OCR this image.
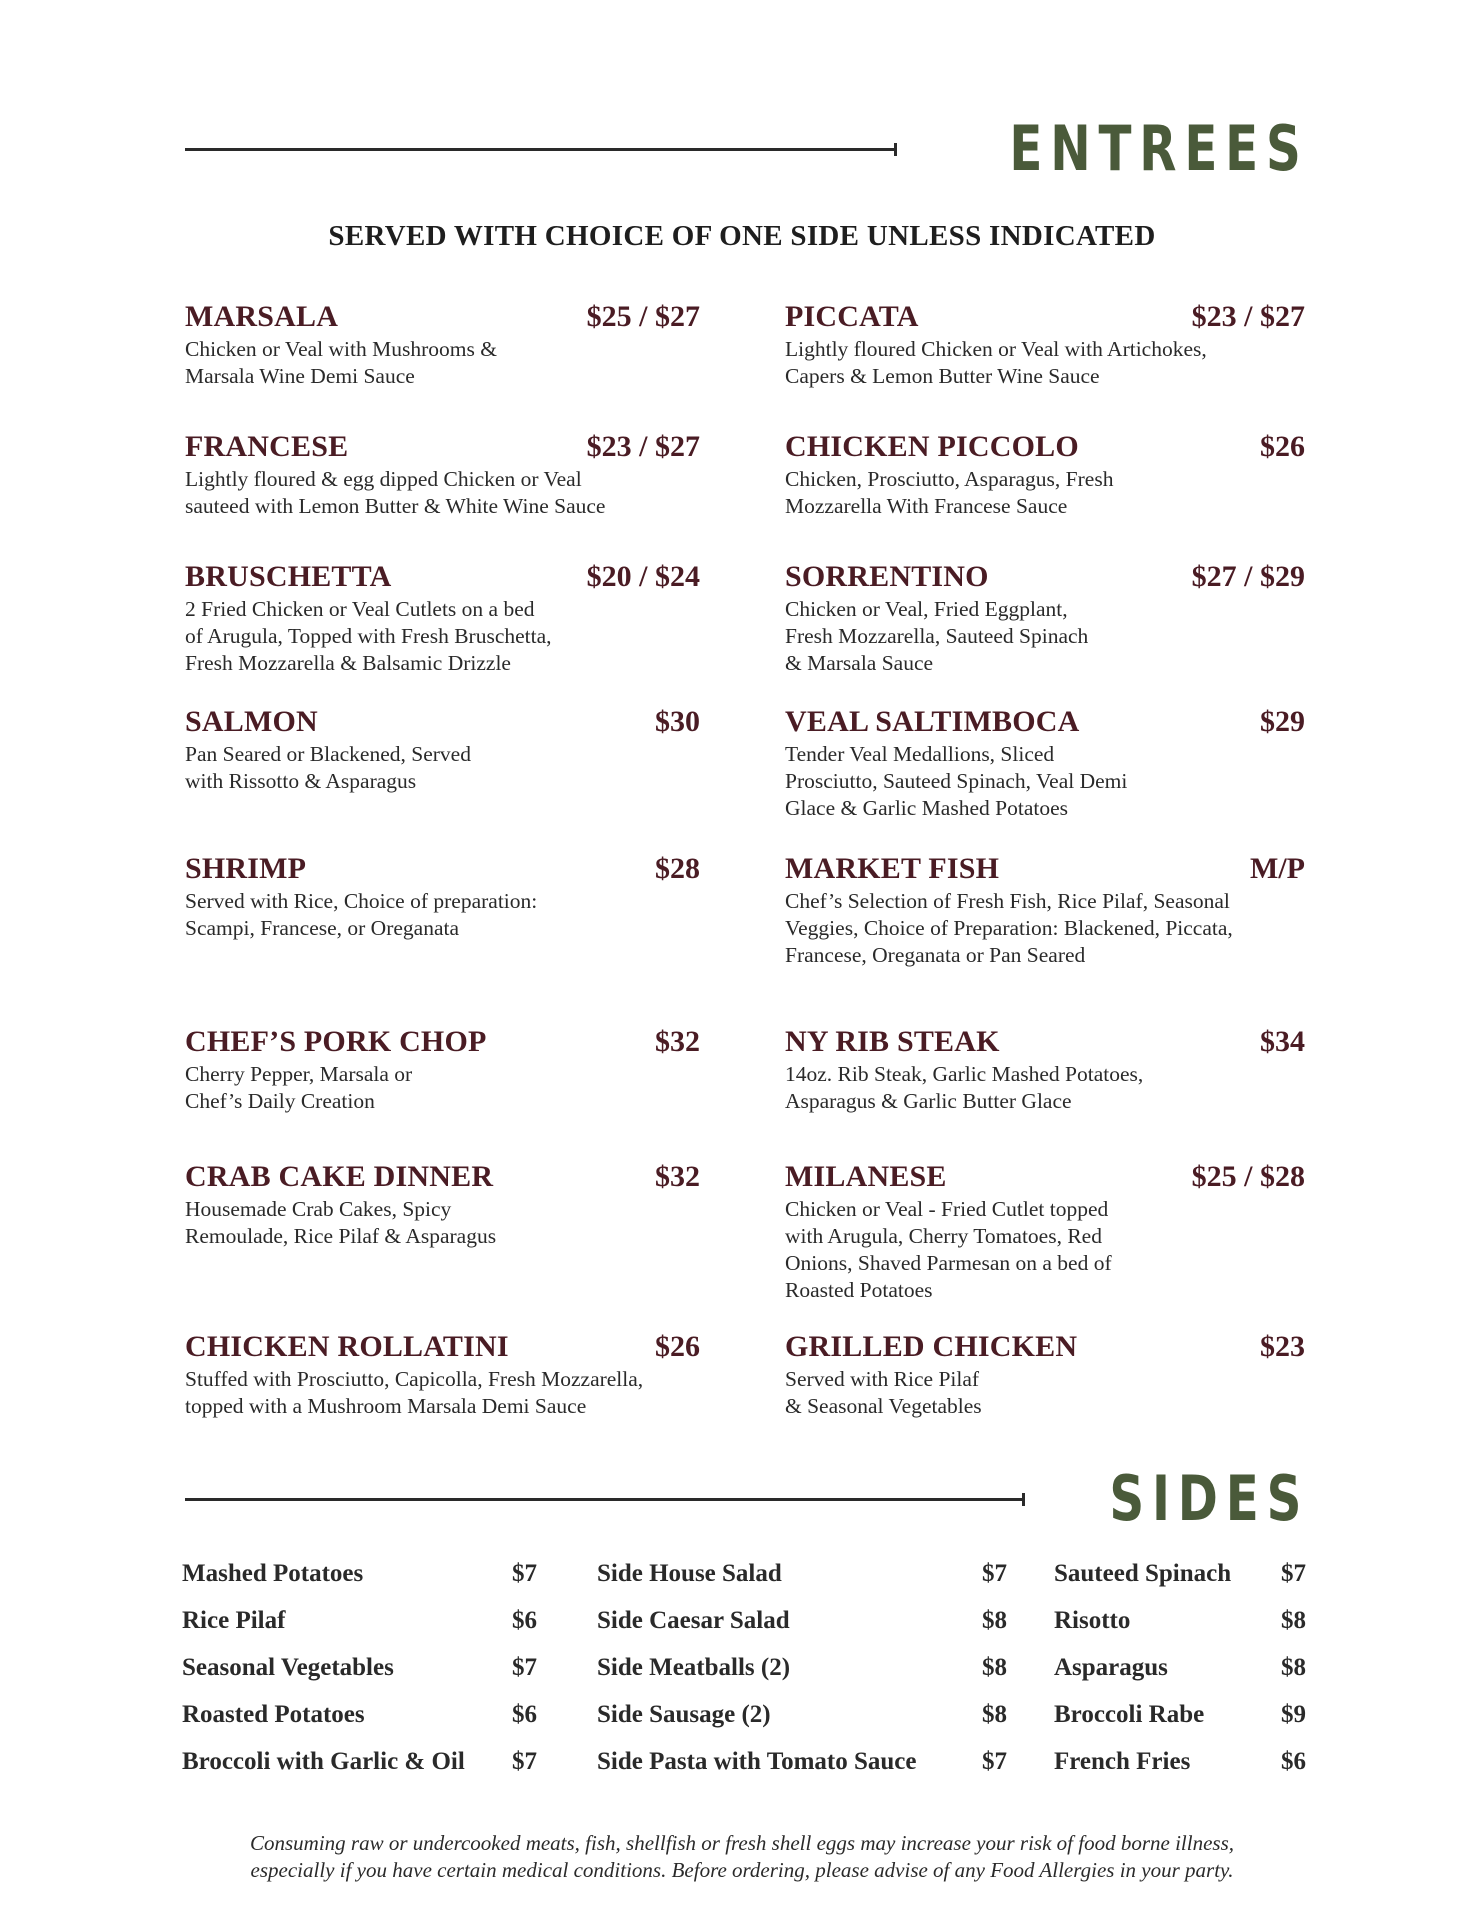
ENTREES
SERVED WITH CHOICE OF ONE SIDE UNLESS INDICATED
MARSALA	$25 / $27
Chicken or Veal with Mushrooms &
Marsala Wine Demi Sauce
FRANCESE	$23 / $27
Lightly floured & egg dipped Chicken or Veal
sauteed with Lemon Butter & White Wine Sauce
BRUSCHETTA	$20 / $24
2 Fried Chicken or Veal Cutlets on a bed
of Arugula, Topped with Fresh Bruschetta,
Fresh Mozzarella & Balsamic Drizzle
SALMON	$30
Pan Seared or Blackened, Served
with Rissotto & Asparagus
SHRIMP	$28
Served with Rice, Choice of preparation:
Scampi, Francese, or Oreganata
CHEF’S PORK CHOP	$32
Cherry Pepper, Marsala or
Chef’s Daily Creation
CRAB CAKE DINNER	$32
Housemade Crab Cakes, Spicy
Remoulade, Rice Pilaf & Asparagus
CHICKEN ROLLATINI	$26
Stuffed with Prosciutto, Capicolla, Fresh Mozzarella,
topped with a Mushroom Marsala Demi Sauce
PICCATA	$23 / $27
Lightly floured Chicken or Veal with Artichokes,
Capers & Lemon Butter Wine Sauce
CHICKEN PICCOLO	$26
Chicken, Prosciutto, Asparagus, Fresh
Mozzarella With Francese Sauce
SORRENTINO	$27 / $29
Chicken or Veal, Fried Eggplant,
Fresh Mozzarella, Sauteed Spinach
& Marsala Sauce
VEAL SALTIMBOCA	$29
Tender Veal Medallions, Sliced
Prosciutto, Sauteed Spinach, Veal Demi
Glace & Garlic Mashed Potatoes
MARKET FISH	M/P
Chef’s Selection of Fresh Fish, Rice Pilaf, Seasonal
Veggies, Choice of Preparation: Blackened, Piccata,
Francese, Oreganata or Pan Seared
NY RIB STEAK	$34
14oz. Rib Steak, Garlic Mashed Potatoes,
Asparagus & Garlic Butter Glace
MILANESE	$25 / $28
Chicken or Veal - Fried Cutlet topped
with Arugula, Cherry Tomatoes, Red
Onions, Shaved Parmesan on a bed of
Roasted Potatoes
GRILLED CHICKEN	$23
Served with Rice Pilaf
& Seasonal Vegetables
SIDES
Mashed Potatoes	$7
Rice Pilaf	$6
Seasonal Vegetables	$7
Roasted Potatoes	$6
Broccoli with Garlic & Oil $7
Side House Salad	$7
Side Caesar Salad	$8
Side Meatballs (2)	$8
Side Sausage (2)	$8
Side Pasta with Tomato Sauce	$7
Sauteed Spinach $7
Risotto	$8
Asparagus	$8
Broccoli Rabe	$9
French Fries	$6
Consuming raw or undercooked meats, fish, shellfish or fresh shell eggs may increase your risk of food borne illness,
especially if you have certain medical conditions. Before ordering, please advise of any Food Allergies in your party.
